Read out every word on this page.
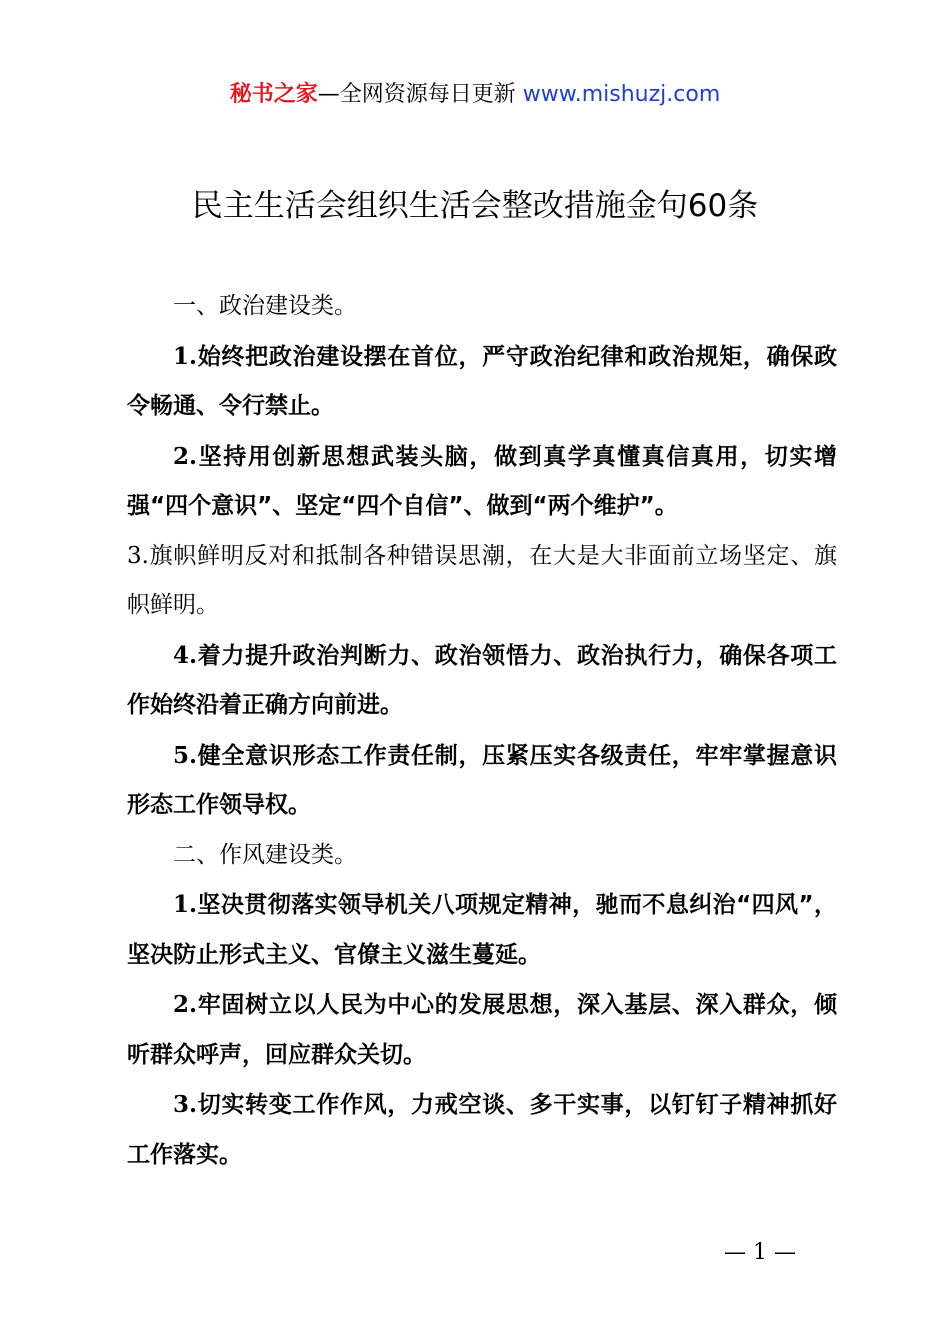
秘书之家—全网资源每日更新 www.mishuzj.com
民主生活会组织生活会整改措施金句60条

一、政治建设类。

1.始终把政治建设摆在首位，严守政治纪律和政治规矩，确保政令畅通、令行禁止。

2.坚持用创新思想武装头脑，做到真学真懂真信真用，切实增强“四个意识”、坚定“四个自信”、做到“两个维护”。

3.旗帜鲜明反对和抵制各种错误思潮，在大是大非面前立场坚定、旗帜鲜明。

4.着力提升政治判断力、政治领悟力、政治执行力，确保各项工作始终沿着正确方向前进。

5.健全意识形态工作责任制，压紧压实各级责任，牢牢掌握意识形态工作领导权。

二、作风建设类。

1.坚决贯彻落实领导机关八项规定精神，驰而不息纠治“四风”，坚决防止形式主义、官僚主义滋生蔓延。

2.牢固树立以人民为中心的发展思想，深入基层、深入群众，倾听群众呼声，回应群众关切。

3.切实转变工作作风，力戒空谈、多干实事，以钉钉子精神抓好工作落实。

— 1 —
